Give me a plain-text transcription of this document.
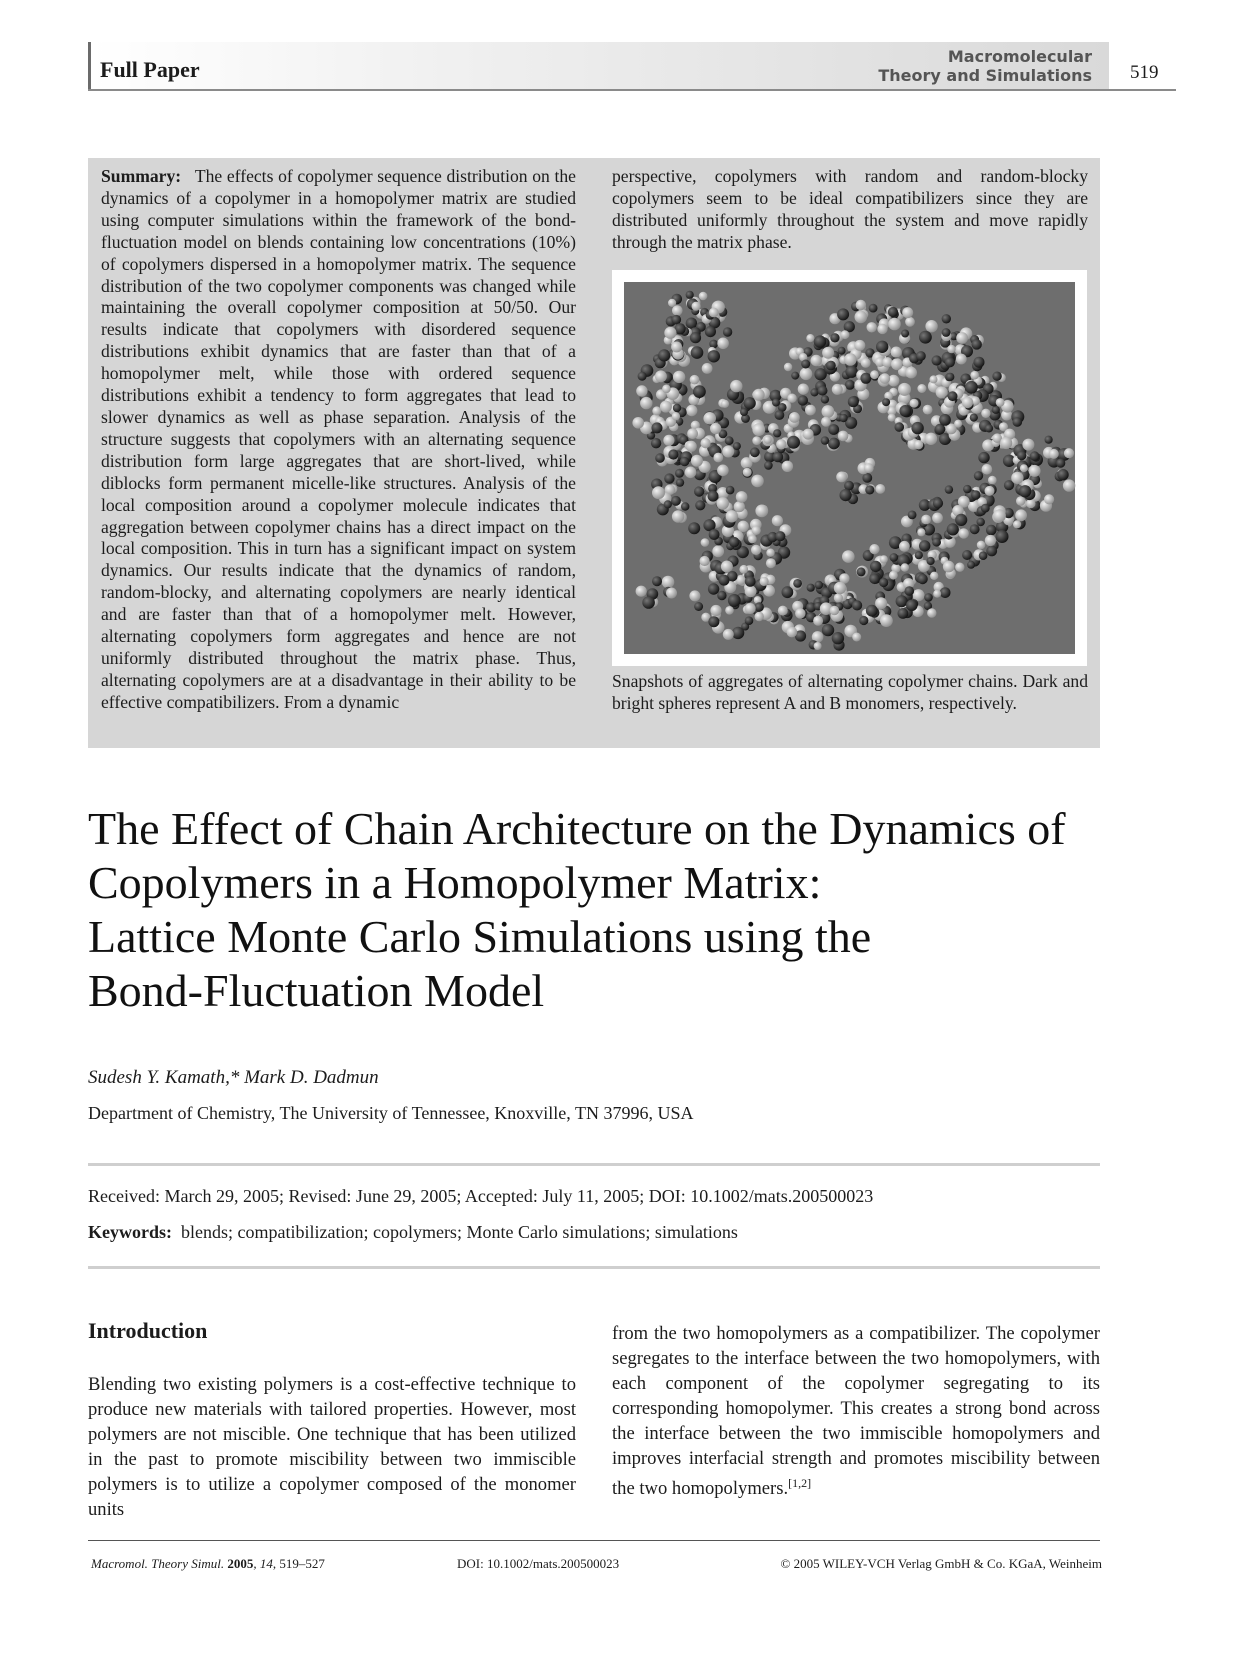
Full Paper
Macromolecular
Theory and Simulations 519
Summary: The effects of copolymer sequence distribution on the dynamics of a copolymer in a homopolymer matrix are studied using computer simulations within the framework of the bond-fluctuation model on blends containing low concentrations (10%) of copolymers dispersed in a homopolymer matrix. The sequence distribution of the two copolymer components was changed while maintaining the overall copolymer composition at 50/50. Our results indicate that copolymers with disordered sequence distributions exhibit dynamics that are faster than that of a homopolymer melt, while those with ordered sequence distributions exhibit a tendency to form aggregates that lead to slower dynamics as well as phase separation. Analysis of the structure suggests that copolymers with an alternating sequence distribution form large aggregates that are short-lived, while diblocks form permanent micelle-like structures. Analysis of the local composition around a copolymer molecule indicates that aggregation between copolymer chains has a direct impact on the local composition. This in turn has a significant impact on system dynamics. Our results indicate that the dynamics of random, random-blocky, and alternating copolymers are nearly identical and are faster than that of a homopolymer melt. However, alternating copolymers form aggregates and hence are not uniformly distributed throughout the matrix phase. Thus, alternating copolymers are at a disadvantage in their ability to be effective compatibilizers. From a dynamic
perspective, copolymers with random and random-blocky copolymers seem to be ideal compatibilizers since they are distributed uniformly throughout the system and move rapidly through the matrix phase.
Snapshots of aggregates of alternating copolymer chains. Dark and bright spheres represent A and B monomers, respectively.
The Effect of Chain Architecture on the Dynamics of
Copolymers in a Homopolymer Matrix:
Lattice Monte Carlo Simulations using the
Bond-Fluctuation Model
Sudesh Y. Kamath,* Mark D. Dadmun
Department of Chemistry, The University of Tennessee, Knoxville, TN 37996, USA
Received: March 29, 2005; Revised: June 29, 2005; Accepted: July 11, 2005; DOI: 10.1002/mats.200500023
Keywords: blends; compatibilization; copolymers; Monte Carlo simulations; simulations
Introduction
Blending two existing polymers is a cost-effective technique to produce new materials with tailored properties. However, most polymers are not miscible. One technique that has been utilized in the past to promote miscibility between two immiscible polymers is to utilize a copolymer composed of the monomer units
from the two homopolymers as a compatibilizer. The copolymer segregates to the interface between the two homopolymers, with each component of the copolymer segregating to its corresponding homopolymer. This creates a strong bond across the interface between the two immiscible homopolymers and improves interfacial strength and promotes miscibility between the two homopolymers.[1,2]
Macromol. Theory Simul. 2005, 14, 519–527	DOI: 10.1002/mats.200500023	© 2005 WILEY-VCH Verlag GmbH & Co. KGaA, Weinheim
